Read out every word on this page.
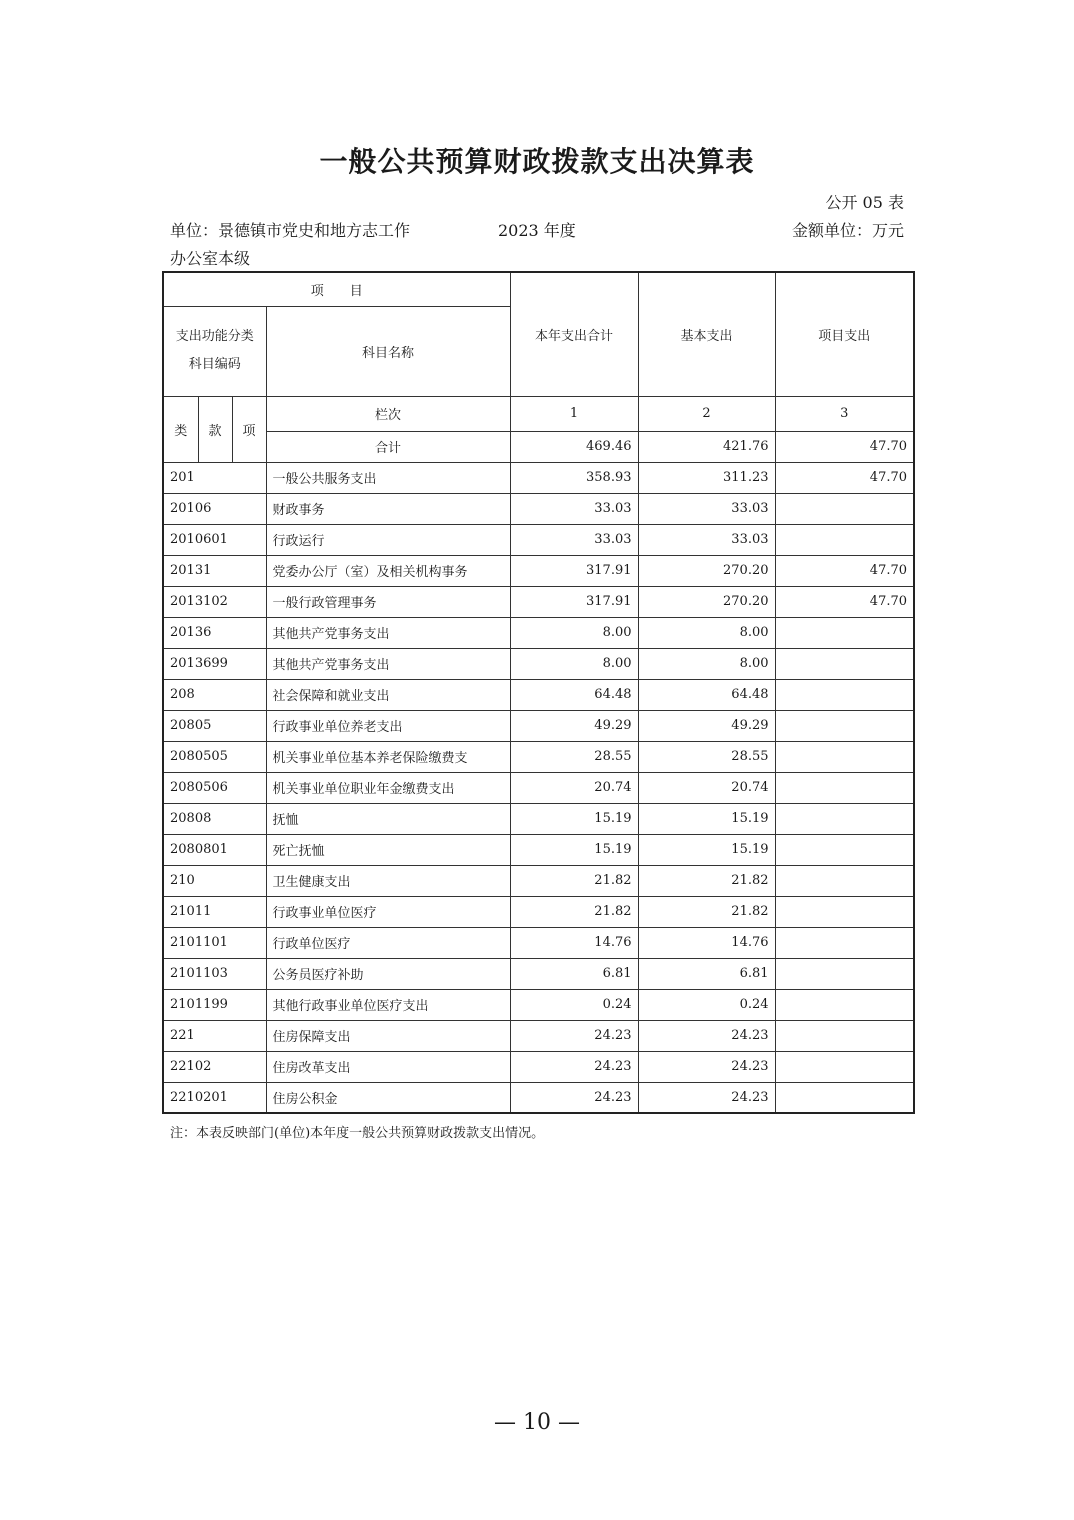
一般公共预算财政拨款支出决算表
公开 05 表
单位：景德镇市党史和地方志工作
办公室本级
2023 年度	金额单位：万元
项　　目				本年支出合计	基本支出	项目支出

支出功能分类
科目编码			科目名称			
类	款	项	栏次	1	2	3
			合计	469.46	421.76	47.70
201			一般公共服务支出	358.93	311.23	47.70
20106			财政事务	33.03	33.03	
2010601			行政运行	33.03	33.03	
20131			党委办公厅（室）及相关机构事务	317.91	270.20	47.70
2013102			一般行政管理事务	317.91	270.20	47.70
20136			其他共产党事务支出	8.00	8.00	
2013699			其他共产党事务支出	8.00	8.00	
208			社会保障和就业支出	64.48	64.48	
20805			行政事业单位养老支出	49.29	49.29	
2080505			机关事业单位基本养老保险缴费支	28.55	28.55	
2080506			机关事业单位职业年金缴费支出	20.74	20.74	
20808			抚恤	15.19	15.19	
2080801			死亡抚恤	15.19	15.19	
210			卫生健康支出	21.82	21.82	
21011			行政事业单位医疗	21.82	21.82	
2101101			行政单位医疗	14.76	14.76	
2101103			公务员医疗补助	6.81	6.81	
2101199			其他行政事业单位医疗支出	0.24	0.24	
221			住房保障支出	24.23	24.23	
22102			住房改革支出	24.23	24.23	
2210201			住房公积金	24.23	24.23	
注：本表反映部门(单位)本年度一般公共预算财政拨款支出情况。
— 10 —
